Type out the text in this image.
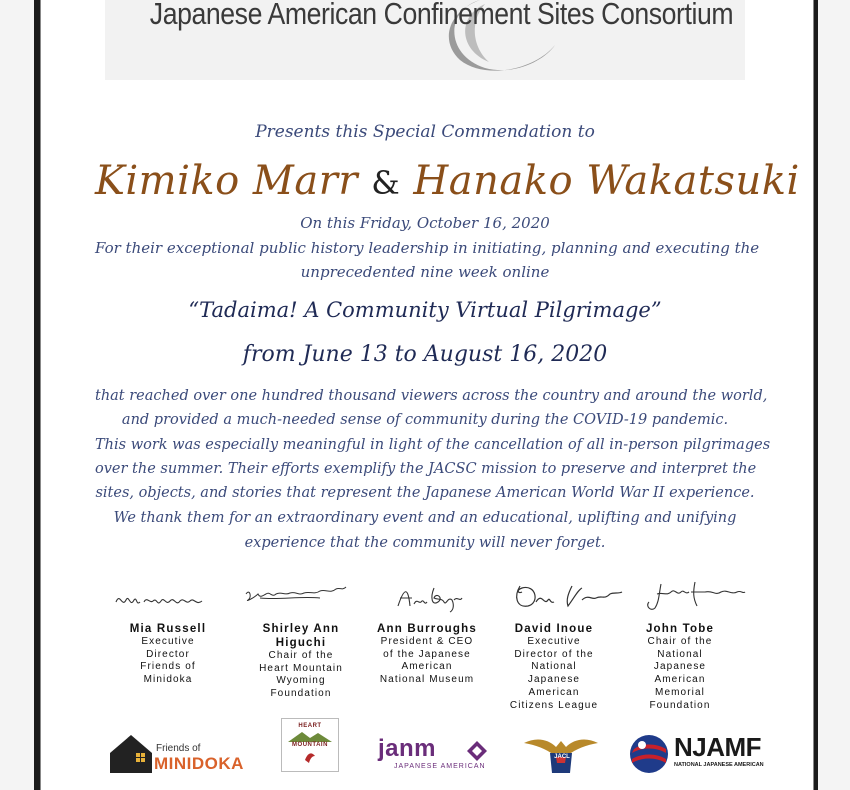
Japanese American Confinement Sites Consortium
Presents this Special Commendation to
Kimiko Marr & Hanako Wakatsuki
On this Friday, October 16, 2020
For their exceptional public history leadership in initiating, planning and executing the
unprecedented nine week online
“Tadaima! A Community Virtual Pilgrimage”
from June 13 to August 16, 2020
that reached over one hundred thousand viewers across the country and around the world,
and provided a much-needed sense of community during the COVID-19 pandemic.
This work was especially meaningful in light of the cancellation of all in-person pilgrimages
over the summer. Their efforts exemplify the JACSC mission to preserve and interpret the
sites, objects, and stories that represent the Japanese American World War II experience.
We thank them for an extraordinary event and an educational, uplifting and unifying
experience that the community will never forget.
Mia Russell
Executive
Director
Friends of
Minidoka
Shirley Ann
Higuchi
Chair of the
Heart Mountain
Wyoming
Foundation
Ann Burroughs
President & CEO
of the Japanese
American
National Museum
David Inoue
Executive
Director of the
National
Japanese
American
Citizens League
John Tobe
Chair of the
National
Japanese
American
Memorial
Foundation
Friends of
MINIDOKA
HEART
MOUNTAIN	janm
JAPANESE AMERICAN
JACL	NJAMF
NATIONAL JAPANESE AMERICAN
